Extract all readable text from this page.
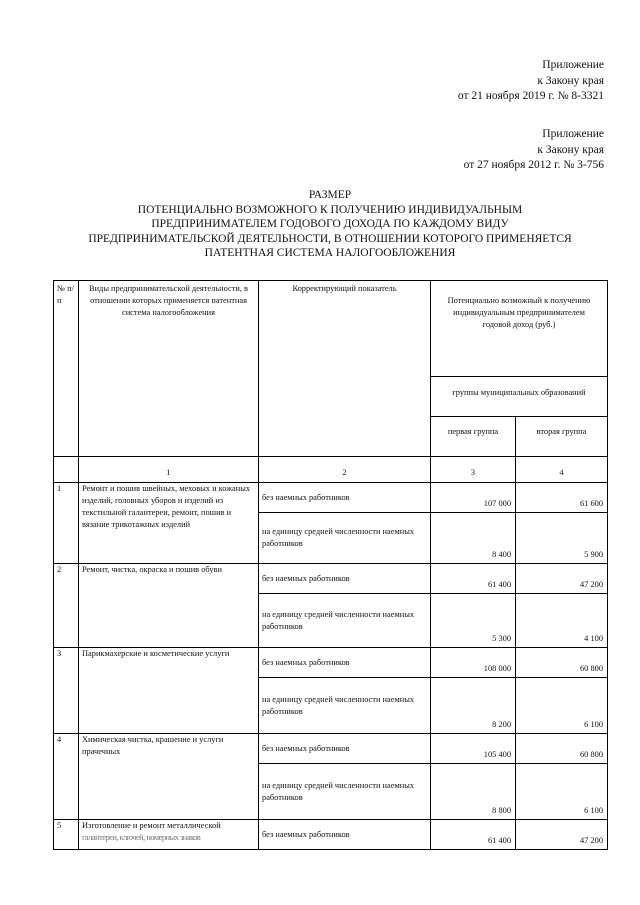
Приложение
к Закону края
от 21 ноября 2019 г. № 8-3321
Приложение
к Закону края
от 27 ноября 2012 г. № 3-756
РАЗМЕР
ПОТЕНЦИАЛЬНО ВОЗМОЖНОГО К ПОЛУЧЕНИЮ ИНДИВИДУАЛЬНЫМ
ПРЕДПРИНИМАТЕЛЕМ ГОДОВОГО ДОХОДА ПО КАЖДОМУ ВИДУ
ПРЕДПРИНИМАТЕЛЬСКОЙ ДЕЯТЕЛЬНОСТИ, В ОТНОШЕНИИ КОТОРОГО ПРИМЕНЯЕТСЯ
ПАТЕНТНАЯ СИСТЕМА НАЛОГООБЛОЖЕНИЯ
№ п/п	Виды предпринимательской деятельности, в отношении которых применяется патентная система налогообложения	Корректирующий показатель	Потенциально возможный к получению индивидуальным предпринимателем годовой доход (руб.)	
			группы муниципальных образований	
			первая группа	вторая группа
	1	2	3	4
1	Ремонт и пошив швейных, меховых и кожаных изделий, головных уборов и изделий из текстильной галантереи, ремонт, пошив и вязание трикотажных изделий	без наемных работников	107 000	61 600
		на единицу средней численности наемных работников	8 400	5 900
2	Ремонт, чистка, окраска и пошив обуви	без наемных работников	61 400	47 200
		на единицу средней численности наемных работников	5 300	4 100
3	Парикмахерские и косметические услуги	без наемных работников	108 000	60 800
		на единицу средней численности наемных работников	8 200	6 100
4	Химическая чистка, крашение и услуги прачечных	без наемных работников	105 400	60 800
		на единицу средней численности наемных работников	8 800	6 100
5	Изготовление и ремонт металлической
галантереи, ключей, номерных знаков	без наемных работников	61 400	47 200
